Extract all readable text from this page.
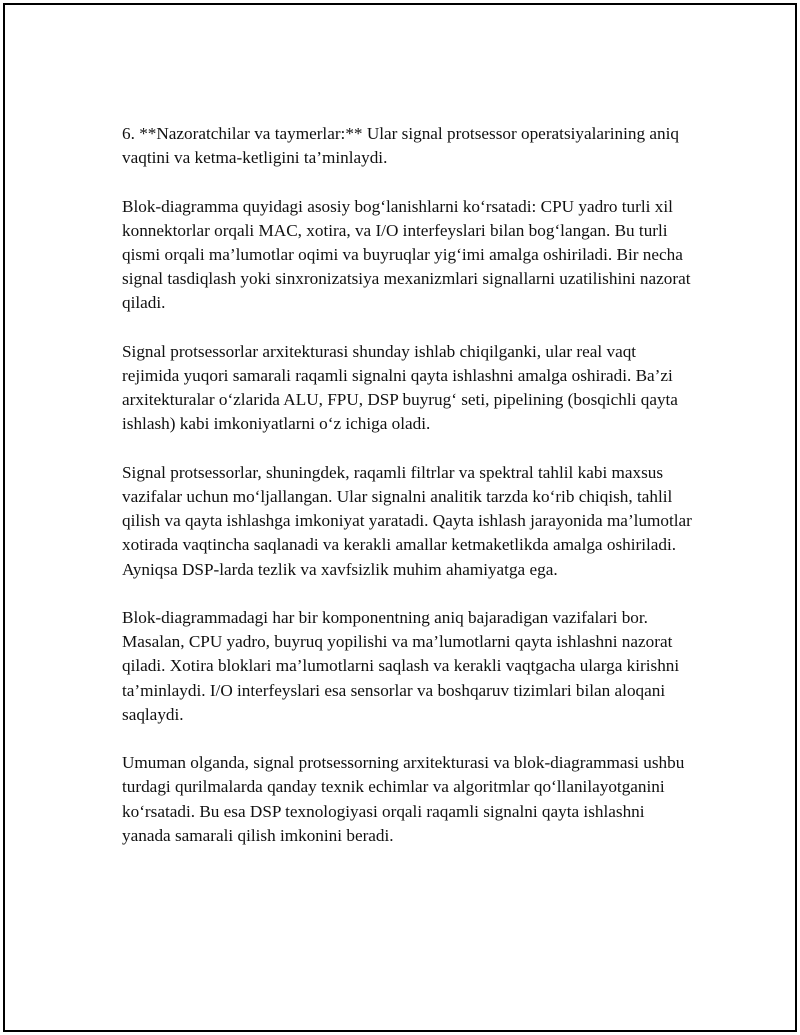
6. **Nazoratchilar va taymerlar:** Ular signal protsessor operatsiyalarining aniq vaqtini va ketma-ketligini ta’minlaydi.

Blok-diagramma quyidagi asosiy bog‘lanishlarni ko‘rsatadi: CPU yadro turli xil konnektorlar orqali MAC, xotira, va I/O interfeyslari bilan bog‘langan. Bu turli qismi orqali ma’lumotlar oqimi va buyruqlar yig‘imi amalga oshiriladi. Bir necha signal tasdiqlash yoki sinxronizatsiya mexanizmlari signallarni uzatilishini nazorat qiladi.

Signal protsessorlar arxitekturasi shunday ishlab chiqilganki, ular real vaqt rejimida yuqori samarali raqamli signalni qayta ishlashni amalga oshiradi. Ba’zi arxitekturalar o‘zlarida ALU, FPU, DSP buyrug‘ seti, pipelining (bosqichli qayta ishlash) kabi imkoniyatlarni o‘z ichiga oladi.

Signal protsessorlar, shuningdek, raqamli filtrlar va spektral tahlil kabi maxsus vazifalar uchun mo‘ljallangan. Ular signalni analitik tarzda ko‘rib chiqish, tahlil qilish va qayta ishlashga imkoniyat yaratadi. Qayta ishlash jarayonida ma’lumotlar xotirada vaqtincha saqlanadi va kerakli amallar ketmaketlikda amalga oshiriladi. Ayniqsa DSP-larda tezlik va xavfsizlik muhim ahamiyatga ega.

Blok-diagrammadagi har bir komponentning aniq bajaradigan vazifalari bor. Masalan, CPU yadro, buyruq yopilishi va ma’lumotlarni qayta ishlashni nazorat qiladi. Xotira bloklari ma’lumotlarni saqlash va kerakli vaqtgacha ularga kirishni ta’minlaydi. I/O interfeyslari esa sensorlar va boshqaruv tizimlari bilan aloqani saqlaydi.

Umuman olganda, signal protsessorning arxitekturasi va blok-diagrammasi ushbu turdagi qurilmalarda qanday texnik echimlar va algoritmlar qo‘llanilayotganini ko‘rsatadi. Bu esa DSP texnologiyasi orqali raqamli signalni qayta ishlashni yanada samarali qilish imkonini beradi.
